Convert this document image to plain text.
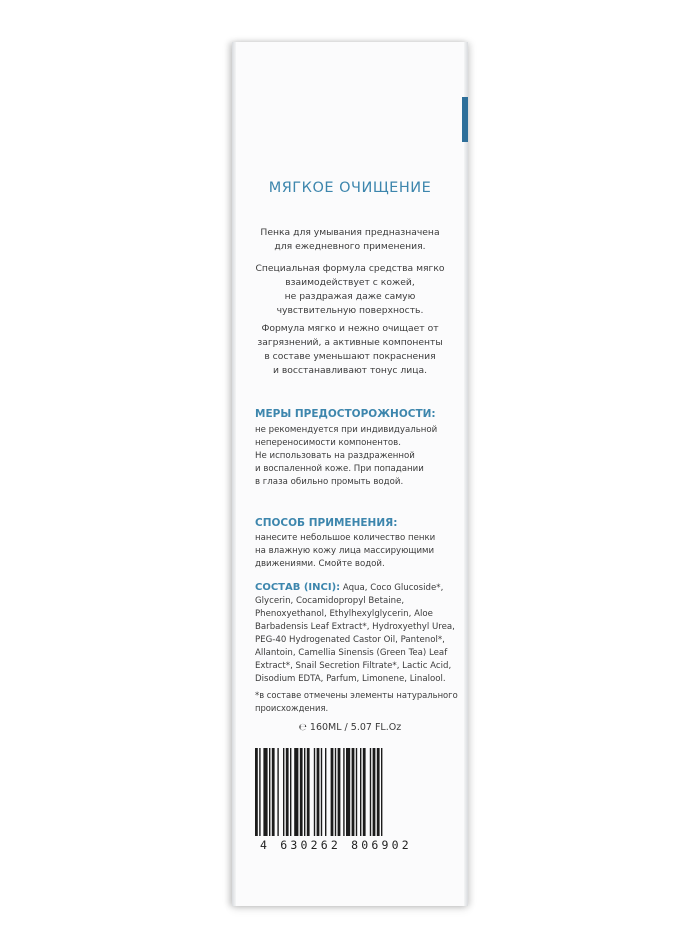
МЯГКОЕ ОЧИЩЕНИЕ
Пенка для умывания предназначена
для ежедневного применения.
Специальная формула средства мягко
взаимодействует с кожей,
не раздражая даже самую
чувствительную поверхность.
Формула мягко и нежно очищает от
загрязнений, а активные компоненты
в составе уменьшают покраснения
и восстанавливают тонус лица.
МЕРЫ ПРЕДОСТОРОЖНОСТИ:
не рекомендуется при индивидуальной
непереносимости компонентов.
Не использовать на раздраженной
и воспаленной коже. При попадании
в глаза обильно промыть водой.
СПОСОБ ПРИМЕНЕНИЯ:
нанесите небольшое количество пенки
на влажную кожу лица массирующими
движениями. Смойте водой.
СОСТАВ (INCI): Aqua, Coco Glucoside*,
Glycerin, Cocamidopropyl Betaine,
Phenoxyethanol, Ethylhexylglycerin, Aloe
Barbadensis Leaf Extract*, Hydroxyethyl Urea,
PEG-40 Hydrogenated Castor Oil, Pantenol*,
Allantoin, Camellia Sinensis (Green Tea) Leaf
Extract*, Snail Secretion Filtrate*, Lactic Acid,
Disodium EDTA, Parfum, Limonene, Linalool.
*в составе отмечены элементы натурального
происхождения.
℮ 160ML / 5.07 FL.Oz
4 630262 806902
